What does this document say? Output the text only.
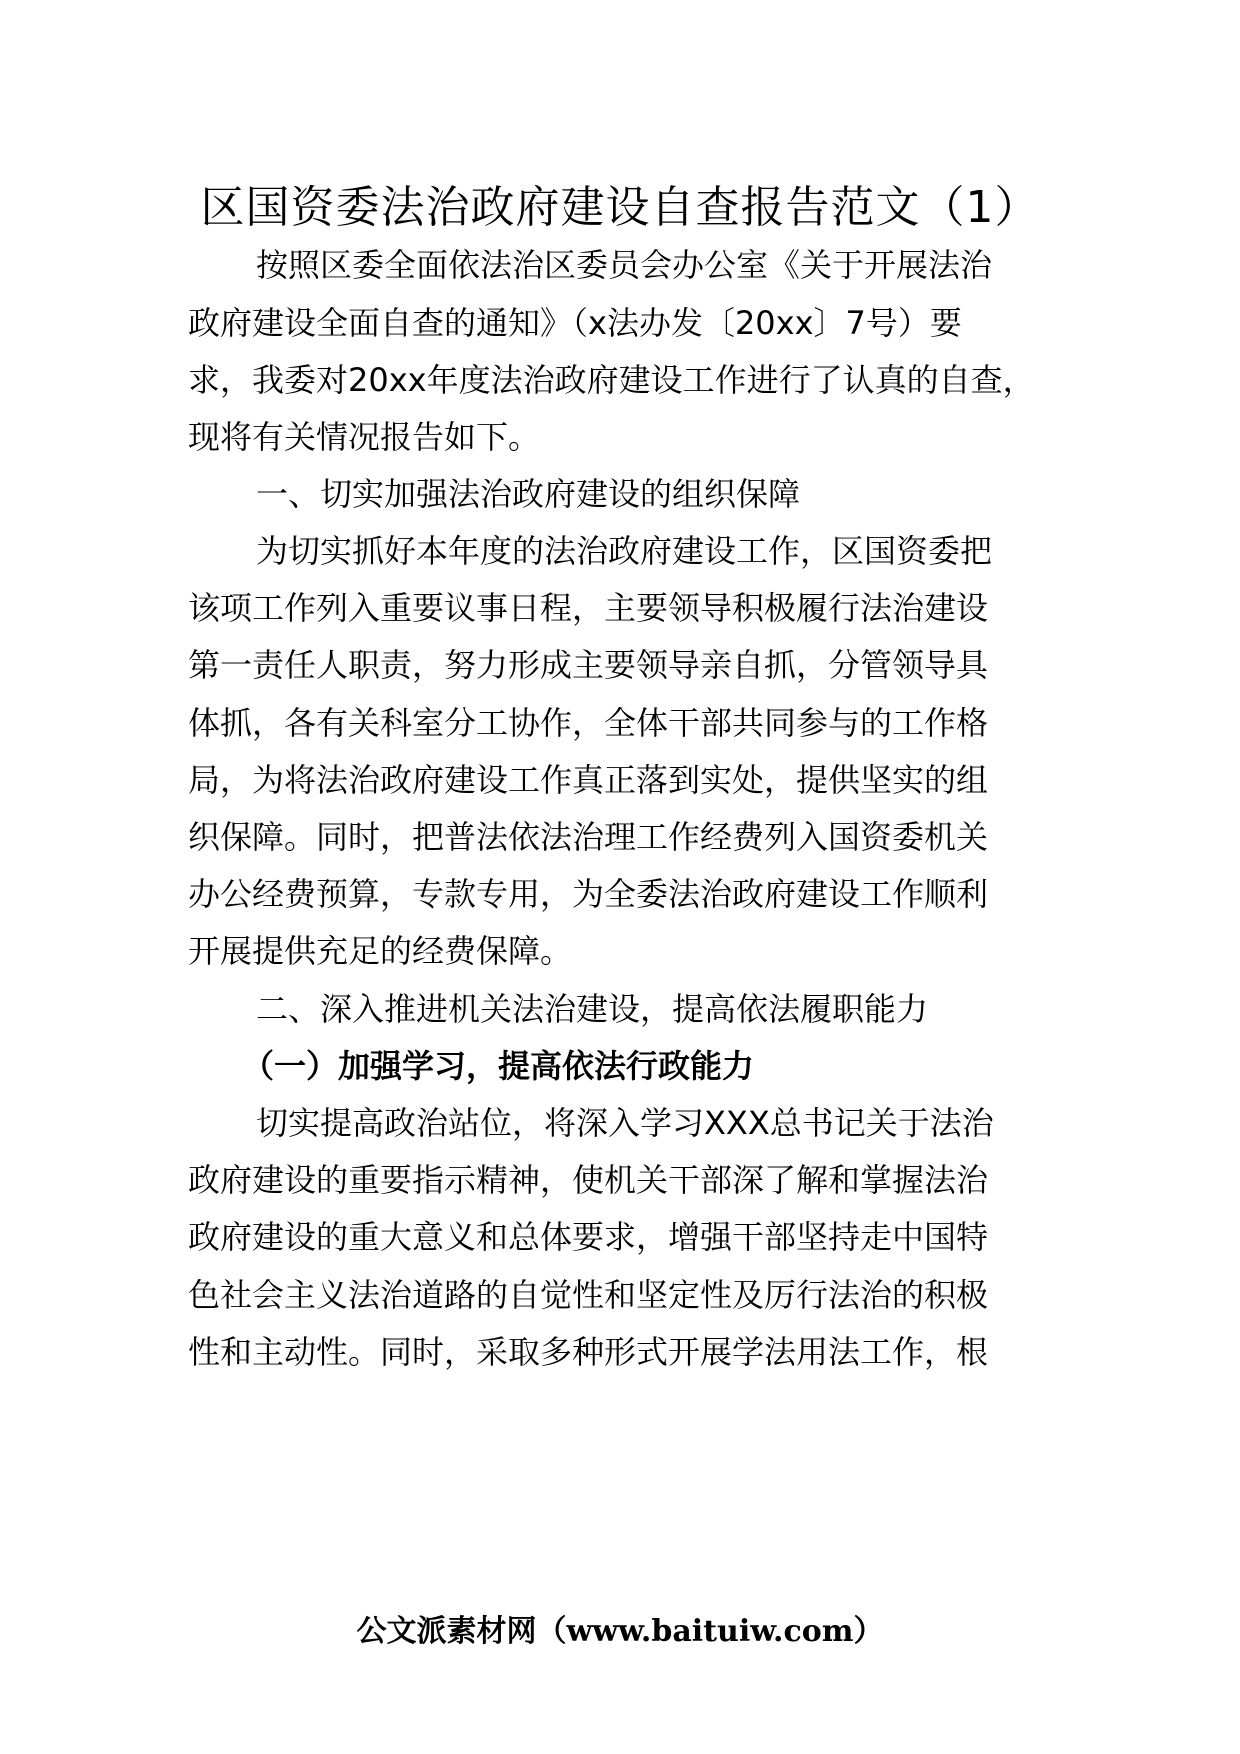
区国资委法治政府建设自查报告范文（1）
按照区委全面依法治区委员会办公室《关于开展法治
政府建设全面自查的通知》（x法办发〔20xx〕7号）要
求，我委对20xx年度法治政府建设工作进行了认真的自查，
现将有关情况报告如下。
一、切实加强法治政府建设的组织保障
为切实抓好本年度的法治政府建设工作，区国资委把
该项工作列入重要议事日程，主要领导积极履行法治建设
第一责任人职责，努力形成主要领导亲自抓，分管领导具
体抓，各有关科室分工协作，全体干部共同参与的工作格
局，为将法治政府建设工作真正落到实处，提供坚实的组
织保障。同时，把普法依法治理工作经费列入国资委机关
办公经费预算，专款专用，为全委法治政府建设工作顺利
开展提供充足的经费保障。
二、深入推进机关法治建设，提高依法履职能力
（一）加强学习，提高依法行政能力
切实提高政治站位，将深入学习XXX总书记关于法治
政府建设的重要指示精神，使机关干部深了解和掌握法治
政府建设的重大意义和总体要求，增强干部坚持走中国特
色社会主义法治道路的自觉性和坚定性及厉行法治的积极
性和主动性。同时，采取多种形式开展学法用法工作，根
公文派素材网（www.baituiw.com）
